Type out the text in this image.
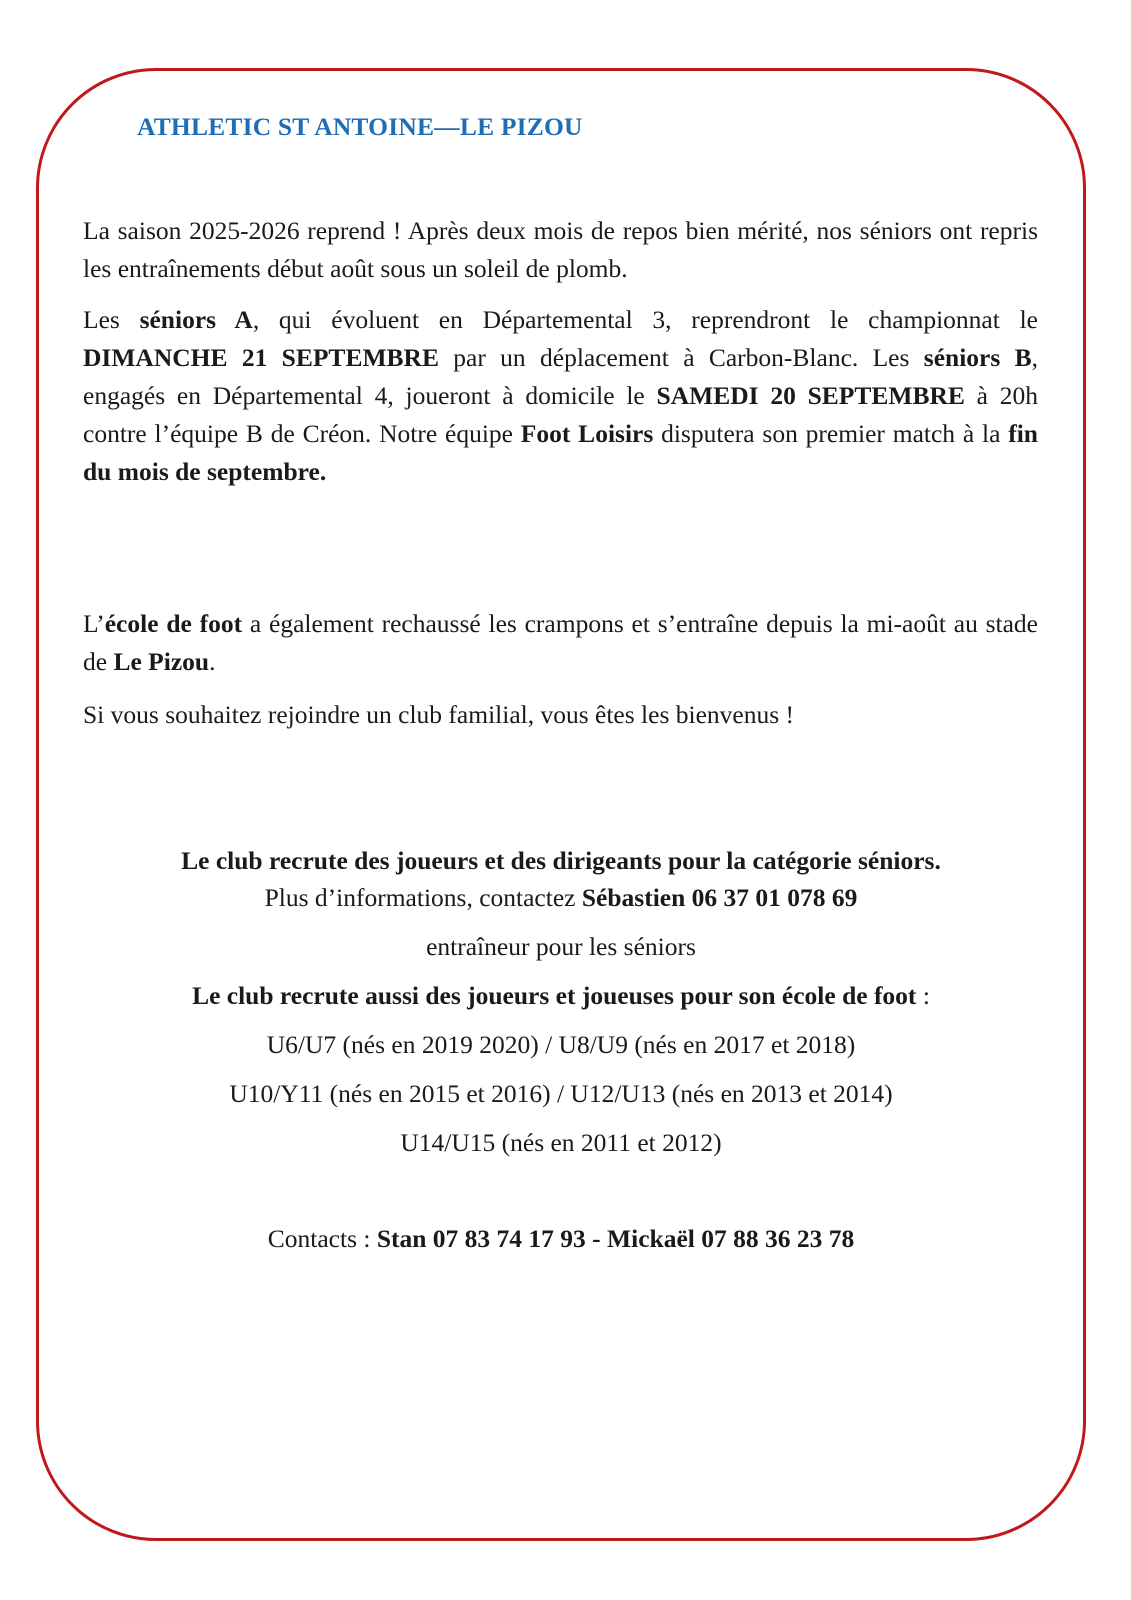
ATHLETIC ST ANTOINE—LE PIZOU

La saison 2025-2026 reprend ! Après deux mois de repos bien mérité, nos séniors ont repris les entraînements début août sous un soleil de plomb.

Les séniors A, qui évoluent en Départemental 3, reprendront le championnat le DIMANCHE 21 SEPTEMBRE par un déplacement à Carbon-Blanc. Les séniors B, engagés en Départemental 4, joueront à domicile le SAMEDI 20 SEPTEMBRE à 20h contre l’équipe B de Créon. Notre équipe Foot Loisirs disputera son premier match à la fin du mois de septembre.

L’école de foot a également rechaussé les crampons et s’entraîne depuis la mi-août au stade de Le Pizou.

Si vous souhaitez rejoindre un club familial, vous êtes les bienvenus !

Le club recrute des joueurs et des dirigeants pour la catégorie séniors.

Plus d’informations, contactez Sébastien 06 37 01 078 69

entraîneur pour les séniors

Le club recrute aussi des joueurs et joueuses pour son école de foot :

U6/U7 (nés en 2019 2020) / U8/U9 (nés en 2017 et 2018)

U10/Y11 (nés en 2015 et 2016) / U12/U13 (nés en 2013 et 2014)

U14/U15 (nés en 2011 et 2012)

Contacts : Stan 07 83 74 17 93 - Mickaël 07 88 36 23 78
